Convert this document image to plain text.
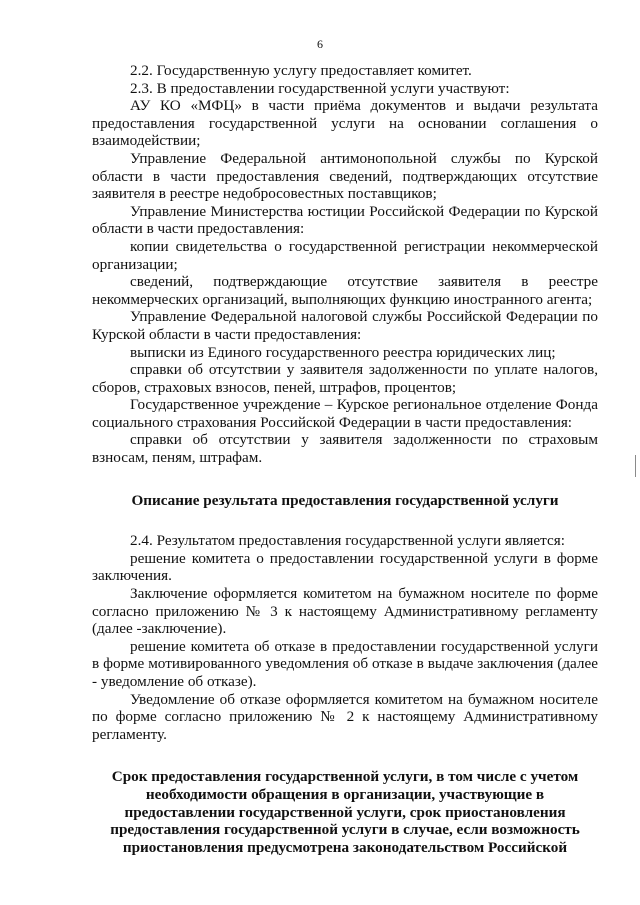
6

2.2. Государственную услугу предоставляет комитет.

2.3. В предоставлении государственной услуги участвуют:

АУ КО «МФЦ» в части приёма документов и выдачи результата предоставления государственной услуги на основании соглашения о взаимодействии;

Управление Федеральной антимонопольной службы по Курской области в части предоставления сведений, подтверждающих отсутствие заявителя в реестре недобросовестных поставщиков;

Управление Министерства юстиции Российской Федерации по Курской области в части предоставления:

копии свидетельства о государственной регистрации некоммерческой организации;

сведений, подтверждающие отсутствие заявителя в реестре некоммерческих организаций, выполняющих функцию иностранного агента;

Управление Федеральной налоговой службы Российской Федерации по Курской области в части предоставления:

выписки из Единого государственного реестра юридических лиц;

справки об отсутствии у заявителя задолженности по уплате налогов, сборов, страховых взносов, пеней, штрафов, процентов;

Государственное учреждение – Курское региональное отделение Фонда социального страхования Российской Федерации в части предоставления:

справки об отсутствии у заявителя задолженности по страховым взносам, пеням, штрафам.

Описание результата предоставления государственной услуги

2.4. Результатом предоставления государственной услуги является:

решение комитета о предоставлении государственной услуги в форме заключения.

Заключение оформляется комитетом на бумажном носителе по форме согласно приложению № 3 к настоящему Административному регламенту (далее -заключение).

решение комитета об отказе в предоставлении государственной услуги в форме мотивированного уведомления об отказе в выдаче заключения (далее - уведомление об отказе).

Уведомление об отказе оформляется комитетом на бумажном носителе по форме согласно приложению № 2 к настоящему Административному регламенту.

Срок предоставления государственной услуги, в том числе с учетом необходимости обращения в организации, участвующие в предоставлении государственной услуги, срок приостановления предоставления государственной услуги в случае, если возможность приостановления предусмотрена законодательством Российской
